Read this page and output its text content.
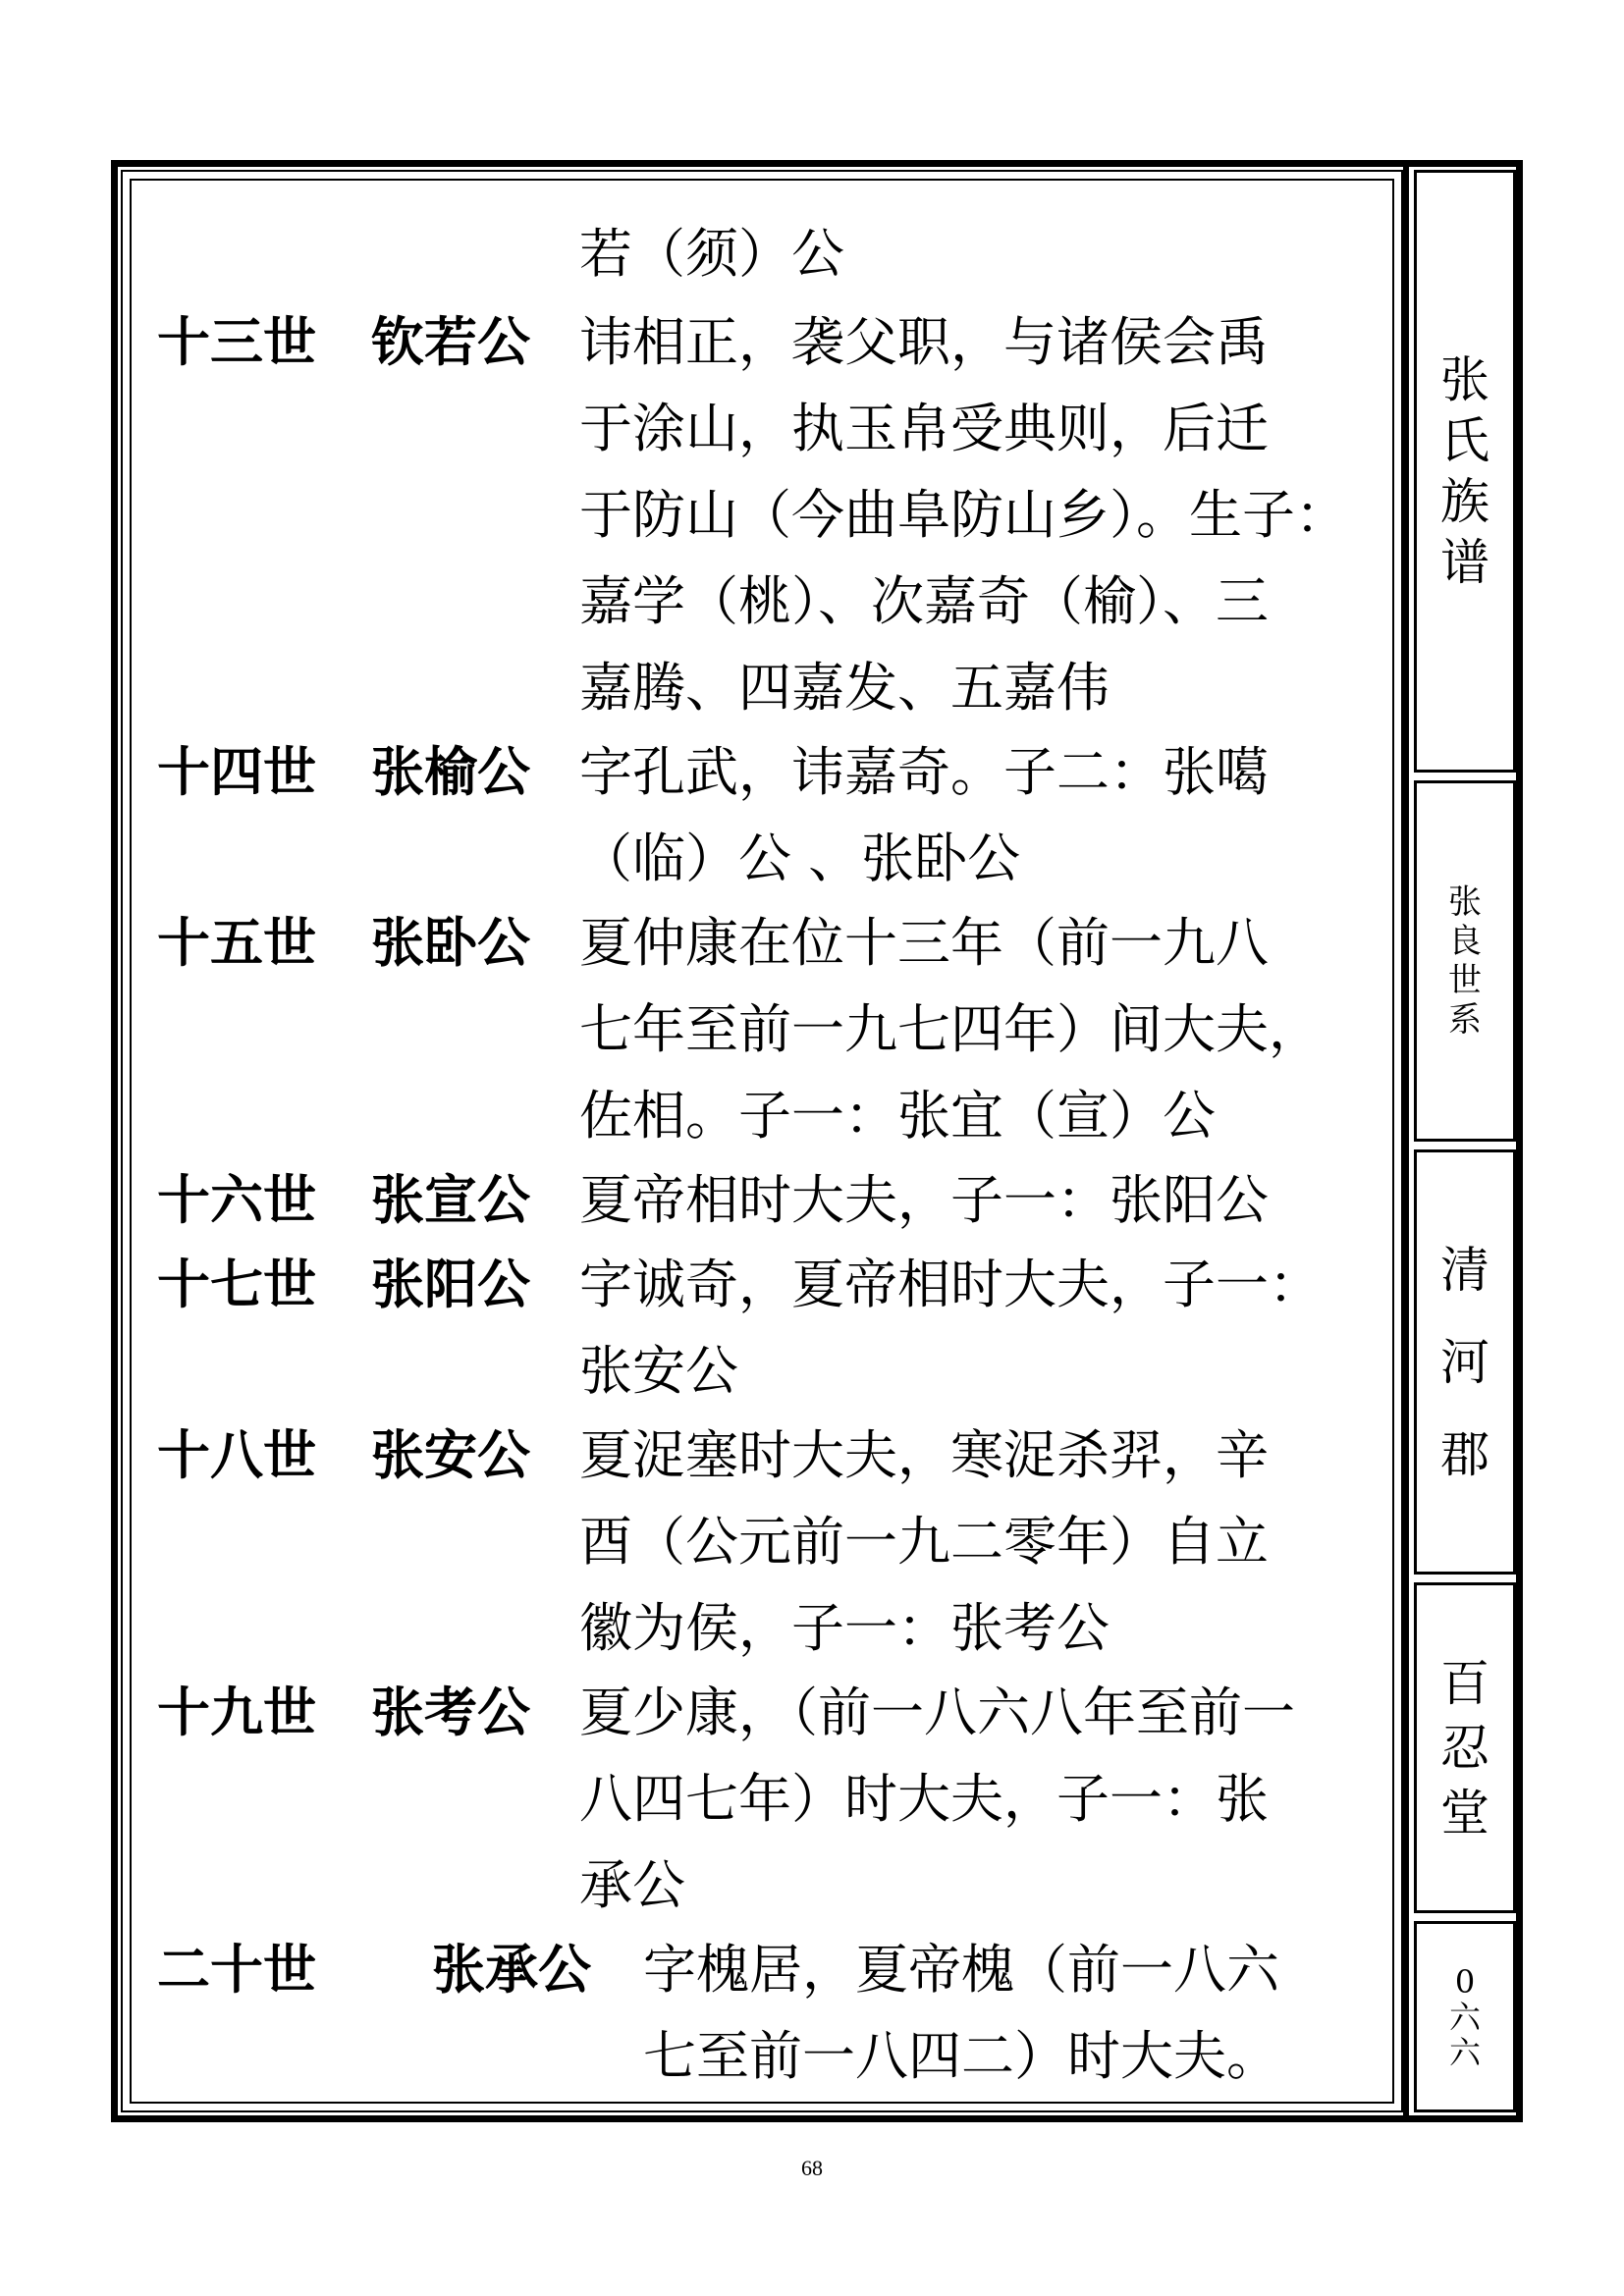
若（须）公
十三世 钦若公 讳相正，袭父职，与诸侯会禹
于涂山，执玉帛受典则，后迁
于防山（今曲阜防山乡）。生子：
嘉学（桃）、次嘉奇（榆）、三
嘉腾、四嘉发、五嘉伟
十四世 张榆公 字孔武，讳嘉奇。子二：张噶
（临）公 、张卧公
十五世 张卧公 夏仲康在位十三年（前一九八
七年至前一九七四年）间大夫，
佐相。子一：张宜（宣）公
十六世 张宣公 夏帝相时大夫，子一：张阳公
十七世 张阳公 字诚奇，夏帝相时大夫，子一：
张安公
十八世 张安公 夏浞塞时大夫，寒浞杀羿，辛
酉（公元前一九二零年）自立
徽为侯，子一：张考公
十九世 张考公 夏少康，（前一八六八年至前一
八四七年）时大夫，子一：张
承公
二十世 张承公 字槐居，夏帝槐（前一八六
七至前一八四二）时大夫。
张
氏
族
谱
张
良
世
系
清
河
郡
百
忍
堂
0
六
六
68
